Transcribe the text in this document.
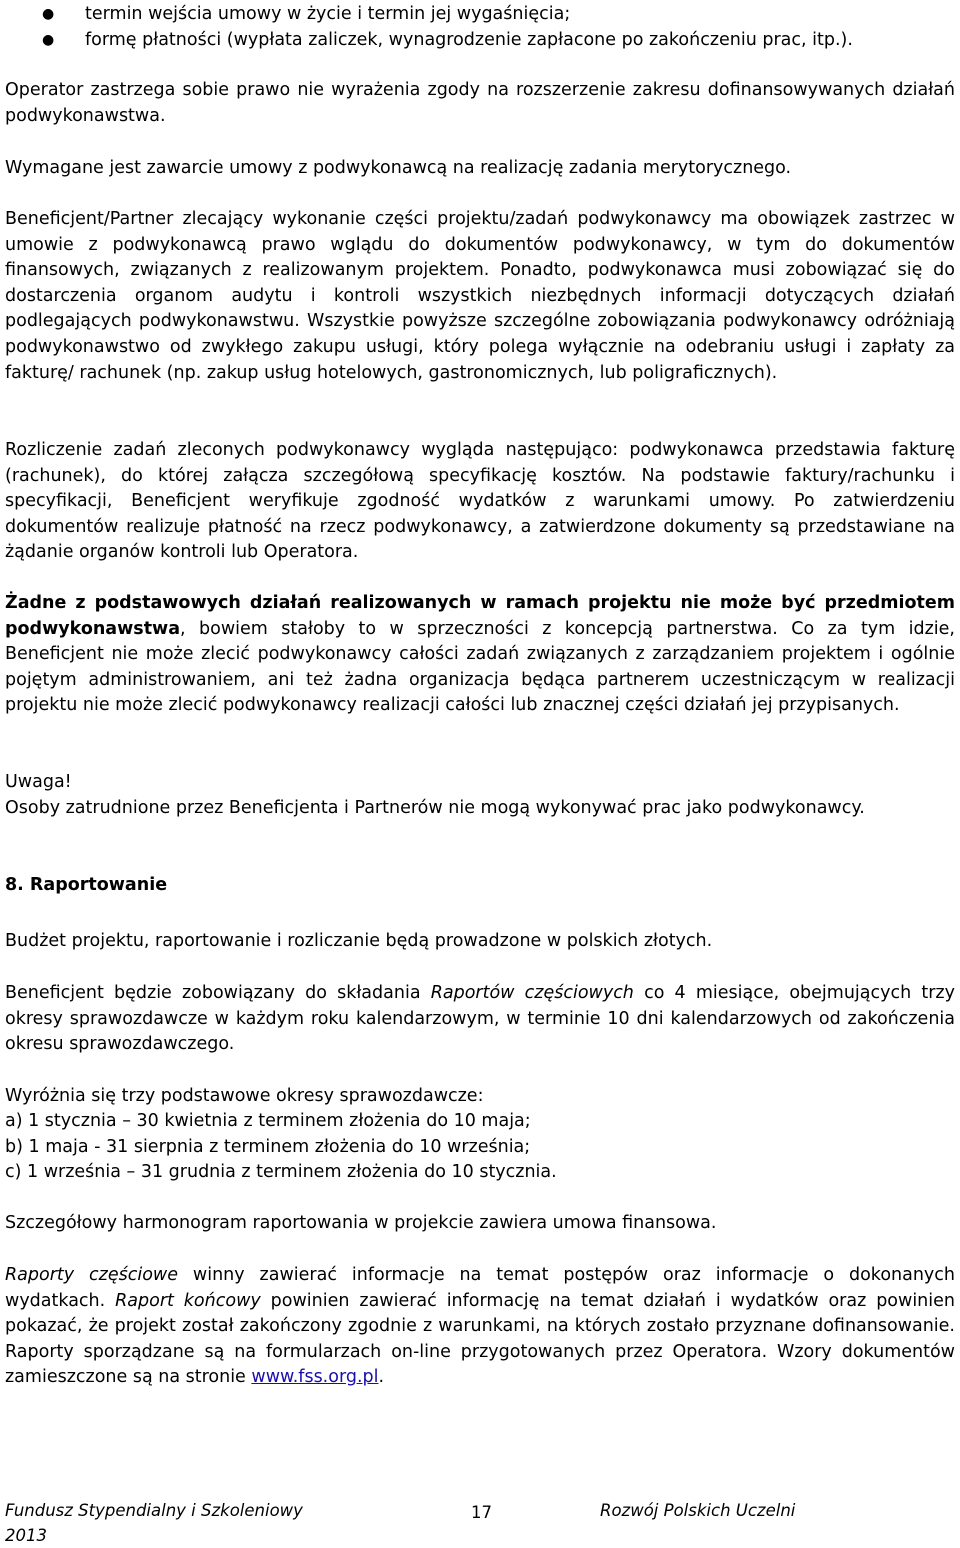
● termin wejścia umowy w życie i termin jej wygaśnięcia;
● formę płatności (wypłata zaliczek, wynagrodzenie zapłacone po zakończeniu prac, itp.).

Operator zastrzega sobie prawo nie wyrażenia zgody na rozszerzenie zakresu dofinansowywanych działań podwykonawstwa.

Wymagane jest zawarcie umowy z podwykonawcą na realizację zadania merytorycznego.

Beneficjent/Partner zlecający wykonanie części projektu/zadań podwykonawcy ma obowiązek zastrzec w umowie z podwykonawcą prawo wglądu do dokumentów podwykonawcy, w tym do dokumentów finansowych, związanych z realizowanym projektem. Ponadto, podwykonawca musi zobowiązać się do dostarczenia organom audytu i kontroli wszystkich niezbędnych informacji dotyczących działań podlegających podwykonawstwu. Wszystkie powyższe szczególne zobowiązania podwykonawcy odróżniają podwykonawstwo od zwykłego zakupu usługi, który polega wyłącznie na odebraniu usługi i zapłaty za fakturę/ rachunek (np. zakup usług hotelowych, gastronomicznych, lub poligraficznych).

Rozliczenie zadań zleconych podwykonawcy wygląda następująco: podwykonawca przedstawia fakturę (rachunek), do której załącza szczegółową specyfikację kosztów. Na podstawie faktury/rachunku i specyfikacji, Beneficjent weryfikuje zgodność wydatków z warunkami umowy. Po zatwierdzeniu dokumentów realizuje płatność na rzecz podwykonawcy, a zatwierdzone dokumenty są przedstawiane na żądanie organów kontroli lub Operatora.

Żadne z podstawowych działań realizowanych w ramach projektu nie może być przedmiotem podwykonawstwa, bowiem stałoby to w sprzeczności z koncepcją partnerstwa. Co za tym idzie, Beneficjent nie może zlecić podwykonawcy całości zadań związanych z zarządzaniem projektem i ogólnie pojętym administrowaniem, ani też żadna organizacja będąca partnerem uczestniczącym w realizacji projektu nie może zlecić podwykonawcy realizacji całości lub znacznej części działań jej przypisanych.

Uwaga!

Osoby zatrudnione przez Beneficjenta i Partnerów nie mogą wykonywać prac jako podwykonawcy.

8. Raportowanie

Budżet projektu, raportowanie i rozliczanie będą prowadzone w polskich złotych.

Beneficjent będzie zobowiązany do składania Raportów częściowych co 4 miesiące, obejmujących trzy okresy sprawozdawcze w każdym roku kalendarzowym, w terminie 10 dni kalendarzowych od zakończenia okresu sprawozdawczego.

Wyróżnia się trzy podstawowe okresy sprawozdawcze:
a) 1 stycznia – 30 kwietnia z terminem złożenia do 10 maja;
b) 1 maja - 31 sierpnia z terminem złożenia do 10 września;
c) 1 września – 31 grudnia z terminem złożenia do 10 stycznia.

Szczegółowy harmonogram raportowania w projekcie zawiera umowa finansowa.

Raporty częściowe winny zawierać informacje na temat postępów oraz informacje o dokonanych wydatkach. Raport końcowy powinien zawierać informację na temat działań i wydatków oraz powinien pokazać, że projekt został zakończony zgodnie z warunkami, na których zostało przyznane dofinansowanie. Raporty sporządzane są na formularzach on-line przygotowanych przez Operatora. Wzory dokumentów zamieszczone są na stronie www.fss.org.pl.

Fundusz Stypendialny i Szkoleniowy
2013
17	Rozwój Polskich Uczelni
